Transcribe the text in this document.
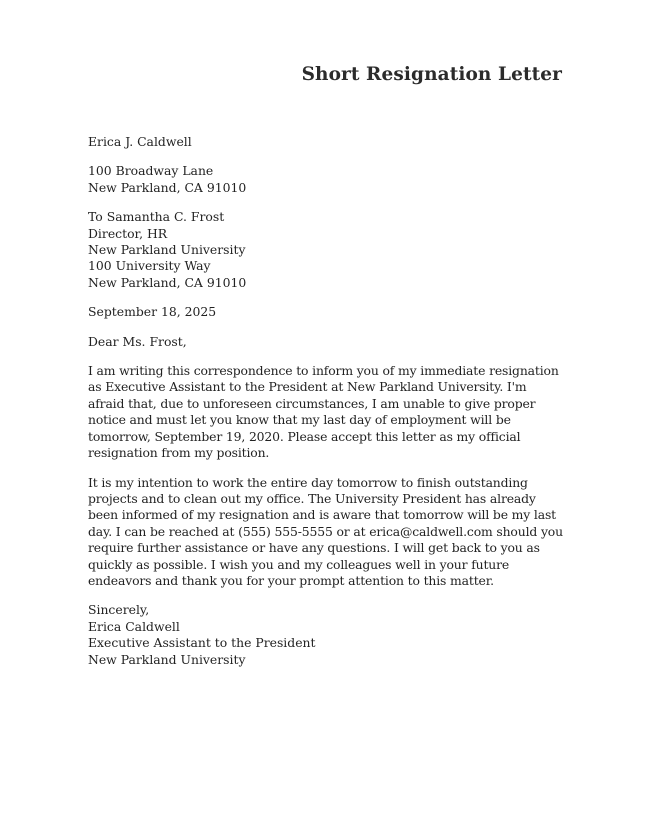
Short Resignation Letter
Erica J. Caldwell
100 Broadway Lane
New Parkland, CA 91010
To Samantha C. Frost
Director, HR
New Parkland University
100 University Way
New Parkland, CA 91010
September 18, 2025
Dear Ms. Frost,

I am writing this correspondence to inform you of my immediate resignation as Executive Assistant to the President at New Parkland University. I'm afraid that, due to unforeseen circumstances, I am unable to give proper notice and must let you know that my last day of employment will be tomorrow, September 19, 2020. Please accept this letter as my official resignation from my position.

It is my intention to work the entire day tomorrow to finish outstanding projects and to clean out my office. The University President has already been informed of my resignation and is aware that tomorrow will be my last day. I can be reached at (555) 555-5555 or at erica@caldwell.com should you require further assistance or have any questions. I will get back to you as quickly as possible. I wish you and my colleagues well in your future endeavors and thank you for your prompt attention to this matter.

Sincerely,
Erica Caldwell
Executive Assistant to the President
New Parkland University
